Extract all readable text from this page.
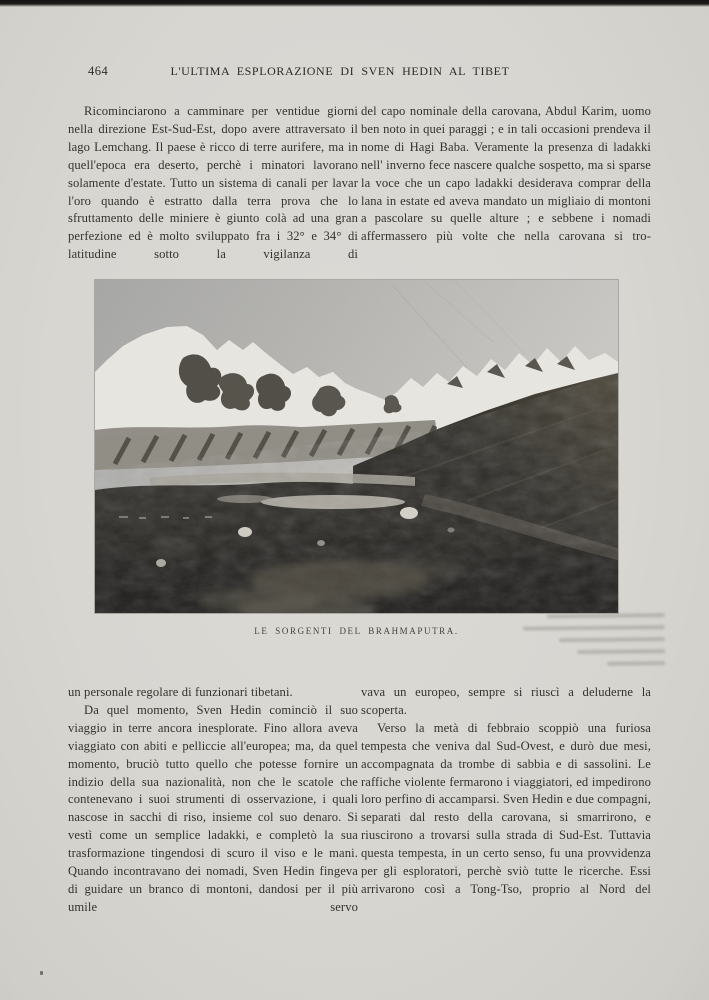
464	L'ULTIMA ESPLORAZIONE DI SVEN HEDIN AL TIBET

Ricominciarono a camminare per ventidue giorni nella direzione Est-Sud-Est, dopo avere attraversato il lago Lemchang. Il paese è ricco di terre aurifere, ma in quell'epoca era deserto, perchè i minatori lavorano solamente d'estate. Tutto un sistema di canali per lavar l'oro quando è estratto dalla terra prova che lo sfruttamento delle miniere è giunto colà ad una gran perfezione ed è molto sviluppato fra i 32° e 34° di latitudine sotto la vigilanza di

del capo nominale della carovana, Abdul Karim, uomo ben noto in quei paraggi ; e in tali occasioni prendeva il nome di Hagi Baba. Veramente la presenza di ladakki nell' inverno fece nascere qualche sospetto, ma si sparse la voce che un capo ladakki desiderava comprar della lana in estate ed aveva mandato un migliaio di montoni a pascolare su quelle alture ; e sebbene i nomadi affermassero più volte che nella carovana si tro-

LE SORGENTI DEL BRAHMAPUTRA.

un personale regolare di funzionari tibetani.

Da quel momento, Sven Hedin cominciò il suo viaggio in terre ancora inesplorate. Fino allora aveva viaggiato con abiti e pelliccie all'europea; ma, da quel momento, bruciò tutto quello che potesse fornire un indizio della sua nazionalità, non che le scatole che contenevano i suoi strumenti di osservazione, i quali nascose in sacchi di riso, insieme col suo denaro. Si vestì come un semplice ladakki, e completò la sua trasformazione tingendosi di scuro il viso e le mani. Quando incontravano dei nomadi, Sven Hedin fingeva di guidare un branco di montoni, dandosi per il più umile servo

vava un europeo, sempre si riuscì a deluderne la scoperta.

Verso la metà di febbraio scoppiò una furiosa tempesta che veniva dal Sud-Ovest, e durò due mesi, accompagnata da trombe di sabbia e di sassolini. Le raffiche violente fermarono i viaggiatori, ed impedirono loro perfino di accamparsi. Sven Hedin e due compagni, separati dal resto della carovana, si smarrirono, e riuscirono a trovarsi sulla strada di Sud-Est. Tuttavia questa tempesta, in un certo senso, fu una provvidenza per gli esploratori, perchè sviò tutte le ricerche. Essi arrivarono così a Tong-Tso, proprio al Nord del
